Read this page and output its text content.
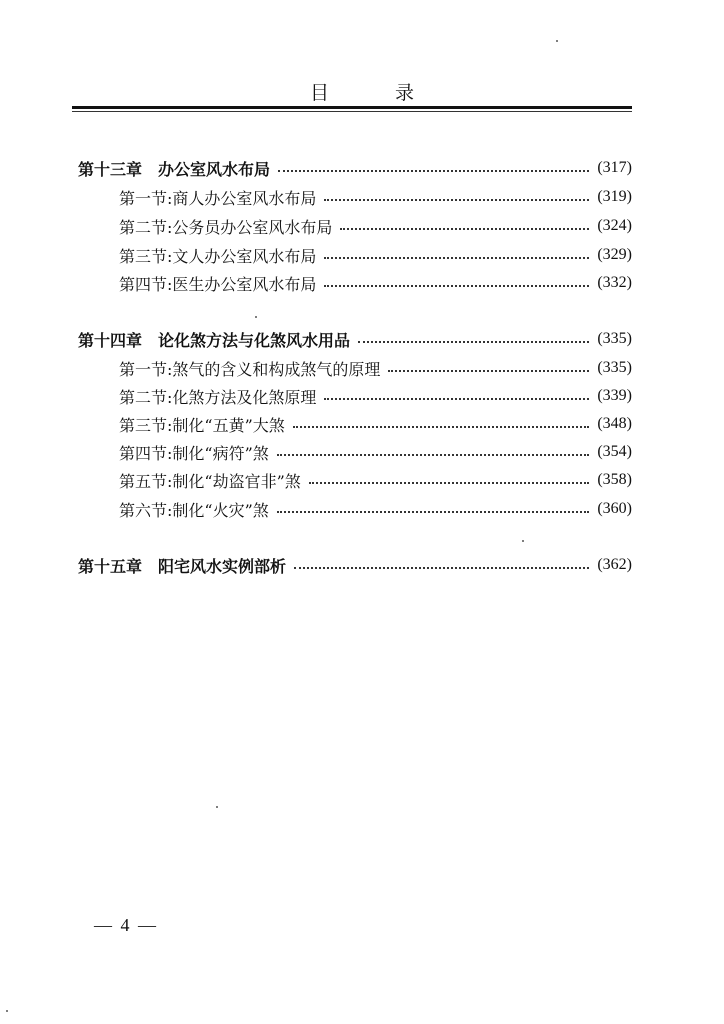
目 录
第十三章　办公室风水布局	(317)
第一节:商人办公室风水布局	(319)
第二节:公务员办公室风水布局	(324)
第三节:文人办公室风水布局	(329)
第四节:医生办公室风水布局	(332)
第十四章　论化煞方法与化煞风水用品	(335)
第一节:煞气的含义和构成煞气的原理	(335)
第二节:化煞方法及化煞原理	(339)
第三节:制化“五黄”大煞	(348)
第四节:制化“病符”煞	(354)
第五节:制化“劫盗官非”煞	(358)
第六节:制化“火灾”煞	(360)
第十五章　阳宅风水实例部析	(362)
— 4 —
